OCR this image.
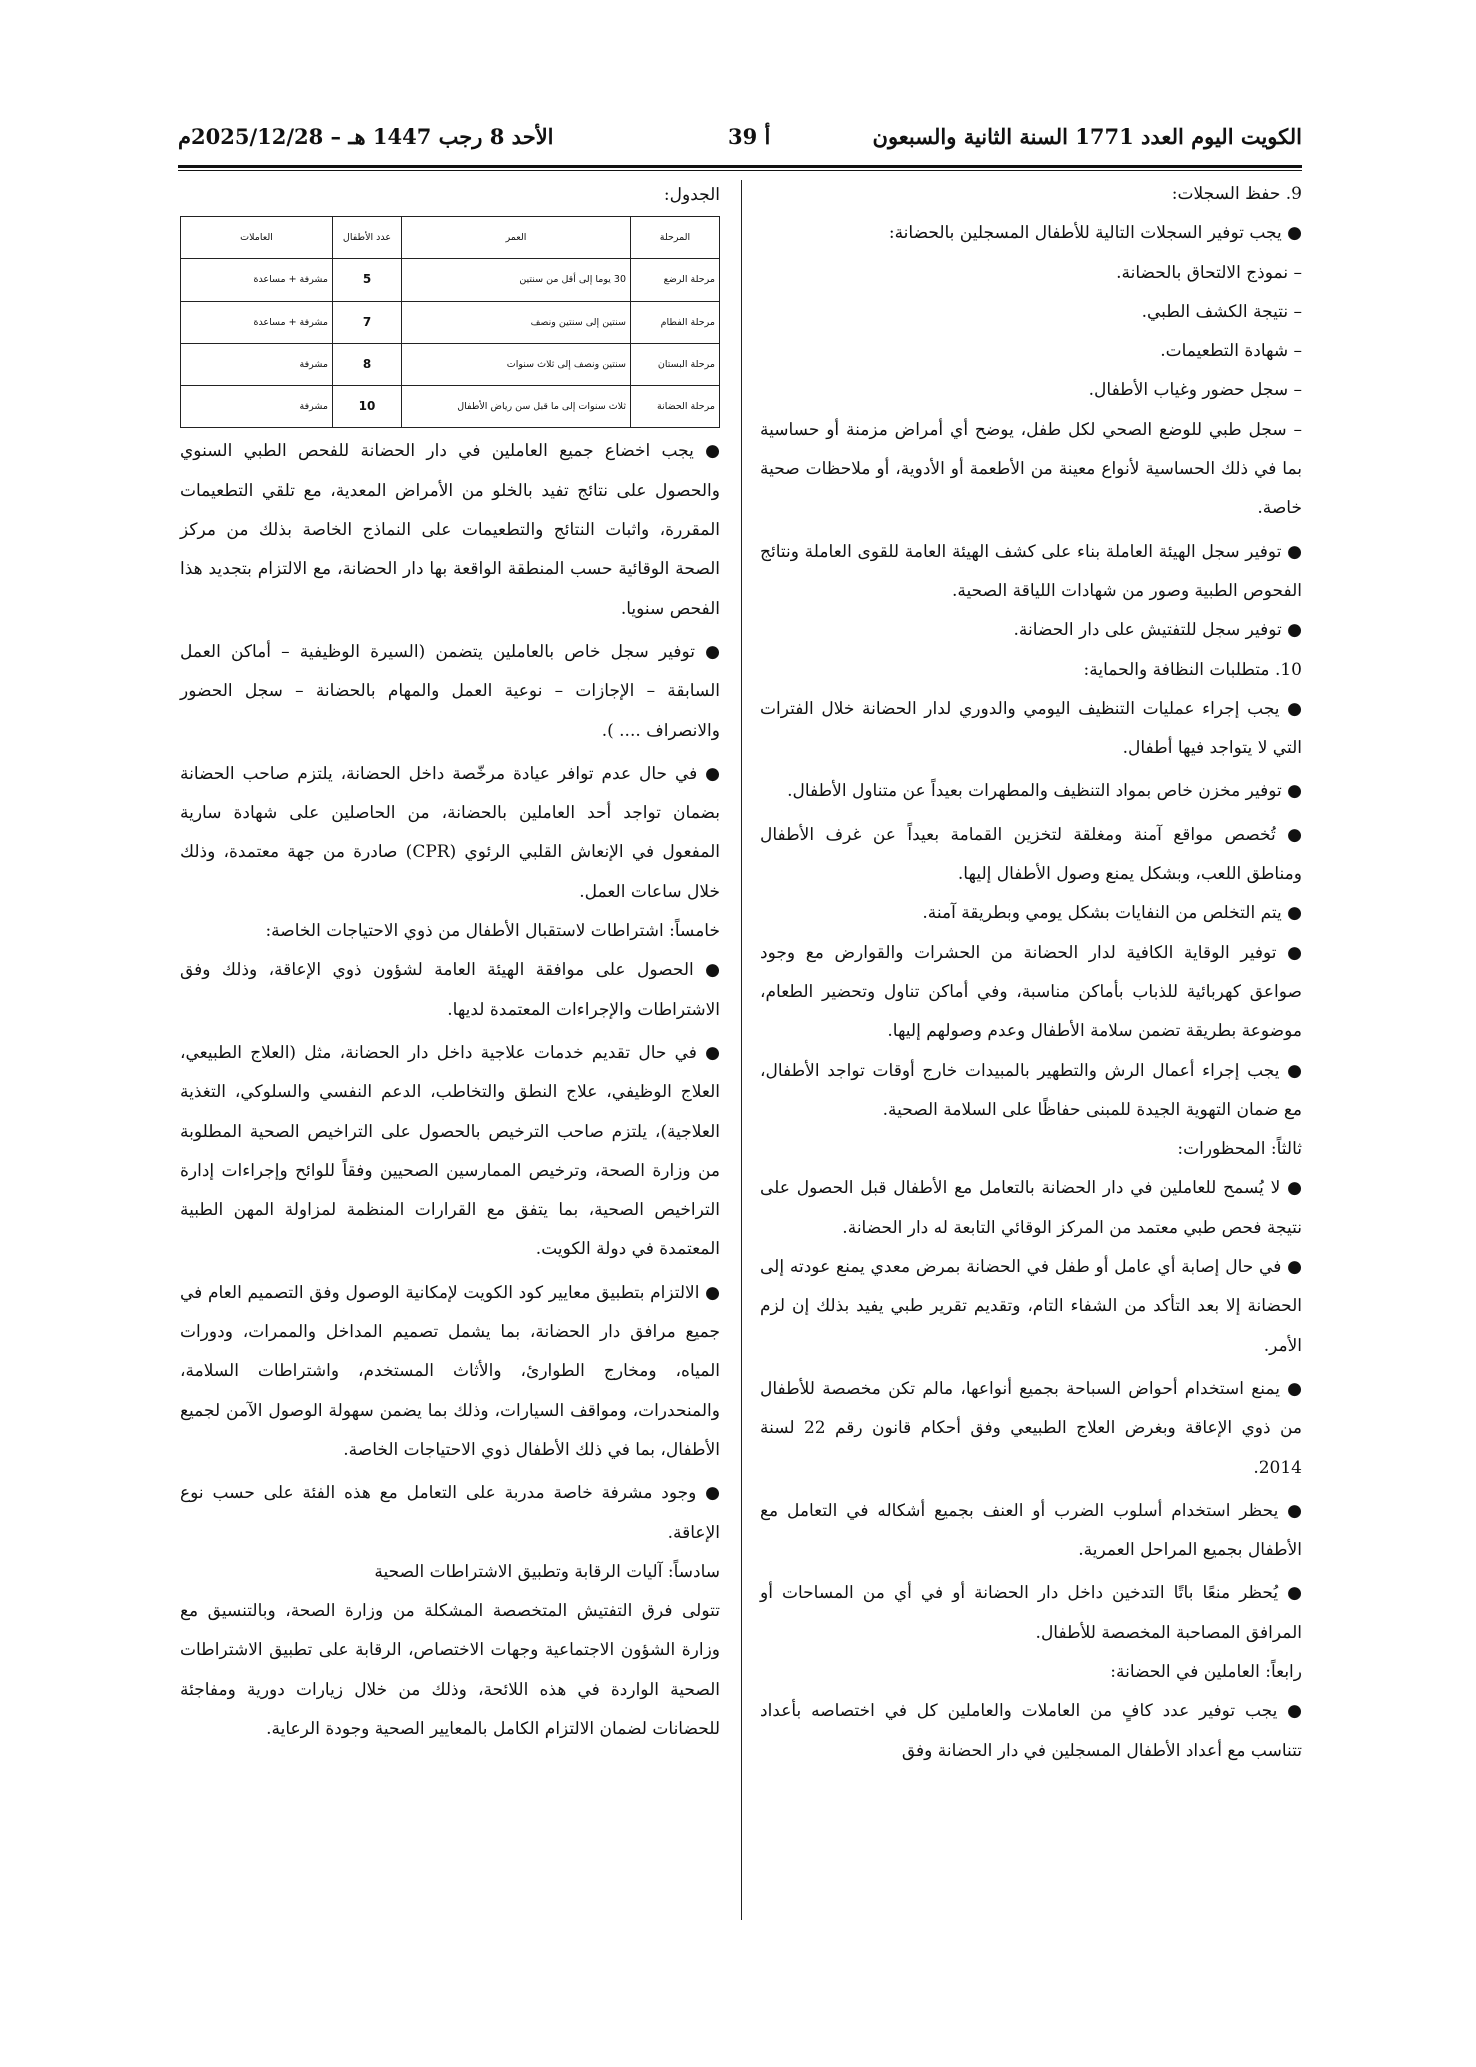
الكويت اليوم العدد 1771 السنة الثانية والسبعون
أ 39
الأحد 8 رجب 1447 هـ – 2025/12/28م

9. حفظ السجلات:

● يجب توفير السجلات التالية للأطفال المسجلين بالحضانة:

– نموذج الالتحاق بالحضانة.

– نتيجة الكشف الطبي.

– شهادة التطعيمات.

– سجل حضور وغياب الأطفال.

– سجل طبي للوضع الصحي لكل طفل، يوضح أي أمراض مزمنة أو حساسية بما في ذلك الحساسية لأنواع معينة من الأطعمة أو الأدوية، أو ملاحظات صحية خاصة.

● توفير سجل الهيئة العاملة بناء على كشف الهيئة العامة للقوى العاملة ونتائج الفحوص الطبية وصور من شهادات اللياقة الصحية.

● توفير سجل للتفتيش على دار الحضانة.

10. متطلبات النظافة والحماية:

● يجب إجراء عمليات التنظيف اليومي والدوري لدار الحضانة خلال الفترات التي لا يتواجد فيها أطفال.

● توفير مخزن خاص بمواد التنظيف والمطهرات بعيداً عن متناول الأطفال.

● تُخصص مواقع آمنة ومغلقة لتخزين القمامة بعيداً عن غرف الأطفال ومناطق اللعب، وبشكل يمنع وصول الأطفال إليها.

● يتم التخلص من النفايات بشكل يومي وبطريقة آمنة.

● توفير الوقاية الكافية لدار الحضانة من الحشرات والقوارض مع وجود صواعق كهربائية للذباب بأماكن مناسبة، وفي أماكن تناول وتحضير الطعام، موضوعة بطريقة تضمن سلامة الأطفال وعدم وصولهم إليها.

● يجب إجراء أعمال الرش والتطهير بالمبيدات خارج أوقات تواجد الأطفال، مع ضمان التهوية الجيدة للمبنى حفاظًا على السلامة الصحية.

ثالثاً: المحظورات:

● لا يُسمح للعاملين في دار الحضانة بالتعامل مع الأطفال قبل الحصول على نتيجة فحص طبي معتمد من المركز الوقائي التابعة له دار الحضانة.

● في حال إصابة أي عامل أو طفل في الحضانة بمرض معدي يمنع عودته إلى الحضانة إلا بعد التأكد من الشفاء التام، وتقديم تقرير طبي يفيد بذلك إن لزم الأمر.

● يمنع استخدام أحواض السباحة بجميع أنواعها، مالم تكن مخصصة للأطفال من ذوي الإعاقة وبغرض العلاج الطبيعي وفق أحكام قانون رقم 22 لسنة 2014.

● يحظر استخدام أسلوب الضرب أو العنف بجميع أشكاله في التعامل مع الأطفال بجميع المراحل العمرية.

● يُحظر منعًا باتًا التدخين داخل دار الحضانة أو في أي من المساحات أو المرافق المصاحبة المخصصة للأطفال.

رابعاً: العاملين في الحضانة:

● يجب توفير عدد كافٍ من العاملات والعاملين كل في اختصاصه بأعداد تتناسب مع أعداد الأطفال المسجلين في دار الحضانة وفق

الجدول:
المرحلة	العمر	عدد الأطفال	العاملات
مرحلة الرضع	30 يوما إلى أقل من سنتين	5	مشرفة + مساعدة
مرحلة الفطام	سنتين إلى سنتين ونصف	7	مشرفة + مساعدة
مرحلة البستان	سنتين ونصف إلى ثلاث سنوات	8	مشرفة
مرحلة الحضانة	ثلاث سنوات إلى ما قبل سن رياض الأطفال	10	مشرفة

● يجب اخضاع جميع العاملين في دار الحضانة للفحص الطبي السنوي والحصول على نتائج تفيد بالخلو من الأمراض المعدية، مع تلقي التطعيمات المقررة، واثبات النتائج والتطعيمات على النماذج الخاصة بذلك من مركز الصحة الوقائية حسب المنطقة الواقعة بها دار الحضانة، مع الالتزام بتجديد هذا الفحص سنويا.

● توفير سجل خاص بالعاملين يتضمن (السيرة الوظيفية – أماكن العمل السابقة – الإجازات – نوعية العمل والمهام بالحضانة – سجل الحضور والانصراف .... ).

● في حال عدم توافر عيادة مرخّصة داخل الحضانة، يلتزم صاحب الحضانة بضمان تواجد أحد العاملين بالحضانة، من الحاصلين على شهادة سارية المفعول في الإنعاش القلبي الرئوي (CPR) صادرة من جهة معتمدة، وذلك خلال ساعات العمل.

خامساً: اشتراطات لاستقبال الأطفال من ذوي الاحتياجات الخاصة:

● الحصول على موافقة الهيئة العامة لشؤون ذوي الإعاقة، وذلك وفق الاشتراطات والإجراءات المعتمدة لديها.

● في حال تقديم خدمات علاجية داخل دار الحضانة، مثل (العلاج الطبيعي، العلاج الوظيفي، علاج النطق والتخاطب، الدعم النفسي والسلوكي، التغذية العلاجية)، يلتزم صاحب الترخيص بالحصول على التراخيص الصحية المطلوبة من وزارة الصحة، وترخيص الممارسين الصحيين وفقاً للوائح وإجراءات إدارة التراخيص الصحية، بما يتفق مع القرارات المنظمة لمزاولة المهن الطبية المعتمدة في دولة الكويت.

● الالتزام بتطبيق معايير كود الكويت لإمكانية الوصول وفق التصميم العام في جميع مرافق دار الحضانة، بما يشمل تصميم المداخل والممرات، ودورات المياه، ومخارج الطوارئ، والأثاث المستخدم، واشتراطات السلامة، والمنحدرات، ومواقف السيارات، وذلك بما يضمن سهولة الوصول الآمن لجميع الأطفال، بما في ذلك الأطفال ذوي الاحتياجات الخاصة.

● وجود مشرفة خاصة مدربة على التعامل مع هذه الفئة على حسب نوع الإعاقة.

سادساً: آليات الرقابة وتطبيق الاشتراطات الصحية

تتولى فرق التفتيش المتخصصة المشكلة من وزارة الصحة، وبالتنسيق مع وزارة الشؤون الاجتماعية وجهات الاختصاص، الرقابة على تطبيق الاشتراطات الصحية الواردة في هذه اللائحة، وذلك من خلال زيارات دورية ومفاجئة للحضانات لضمان الالتزام الكامل بالمعايير الصحية وجودة الرعاية.
